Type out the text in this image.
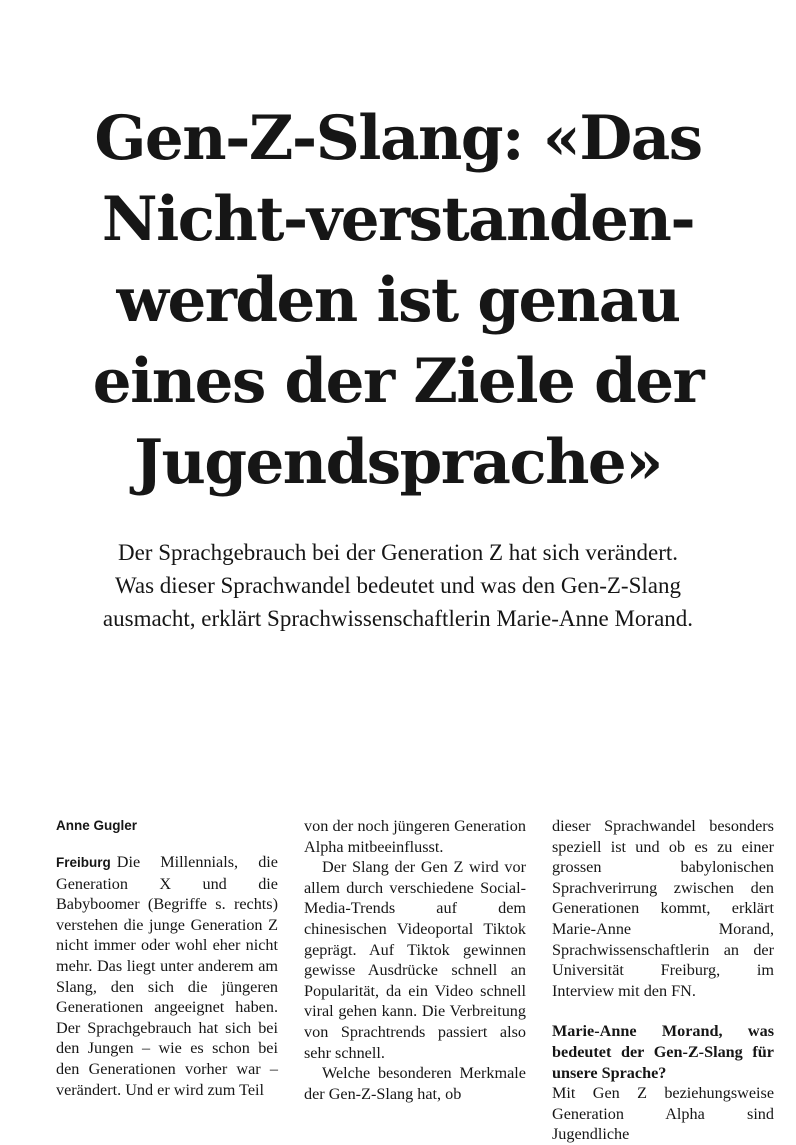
Gen-Z-Slang: «Das
Nicht-verstanden-
werden ist genau
eines der Ziele der
Jugendsprache»
Der Sprachgebrauch bei der Generation Z hat sich verändert.
Was dieser Sprachwandel bedeutet und was den Gen-Z-Slang
ausmacht, erklärt Sprachwissenschaftlerin Marie-Anne Morand.
Anne Gugler

Freiburg Die Millennials, die Generation X und die Babyboomer (Begriffe s. rechts) verstehen die junge Generation Z nicht immer oder wohl eher nicht mehr. Das liegt unter anderem am Slang, den sich die jüngeren Generationen angeeignet haben. Der Sprachgebrauch hat sich bei den Jungen – wie es schon bei den Generationen vorher war – verändert. Und er wird zum Teil

von der noch jüngeren Generation Alpha mitbeeinflusst.

Der Slang der Gen Z wird vor allem durch verschiedene Social-Media-Trends auf dem chinesischen Videoportal Tiktok geprägt. Auf Tiktok gewinnen gewisse Ausdrücke schnell an Popularität, da ein Video schnell viral gehen kann. Die Verbreitung von Sprachtrends passiert also sehr schnell.

Welche besonderen Merkmale der Gen-Z-Slang hat, ob

dieser Sprachwandel besonders speziell ist und ob es zu einer grossen babylonischen Sprachverirrung zwischen den Generationen kommt, erklärt Marie-Anne Morand, Sprachwissenschaftlerin an der Universität Freiburg, im Interview mit den FN.

Marie-Anne Morand, was bedeutet der Gen-Z-Slang für unsere Sprache?

Mit Gen Z beziehungsweise Generation Alpha sind Jugendliche
